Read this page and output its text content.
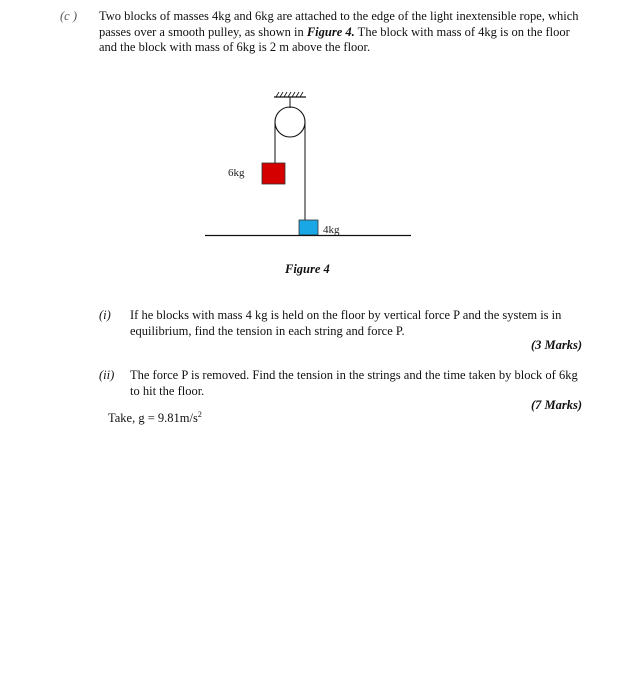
(c ) Two blocks of masses 4kg and 6kg are attached to the edge of the light inextensible rope, which passes over a smooth pulley, as shown in Figure 4. The block with mass of 4kg is on the floor and the block with mass of 6kg is 2 m above the floor.
6kg
4kg
Figure 4
(i) If he blocks with mass 4 kg is held on the floor by vertical force P and the system is in equilibrium, find the tension in each string and force P.
(3 Marks)
(ii) The force P is removed. Find the tension in the strings and the time taken by block of 6kg to hit the floor.
(7 Marks)
Take, $g = 9.81m/s^2$
